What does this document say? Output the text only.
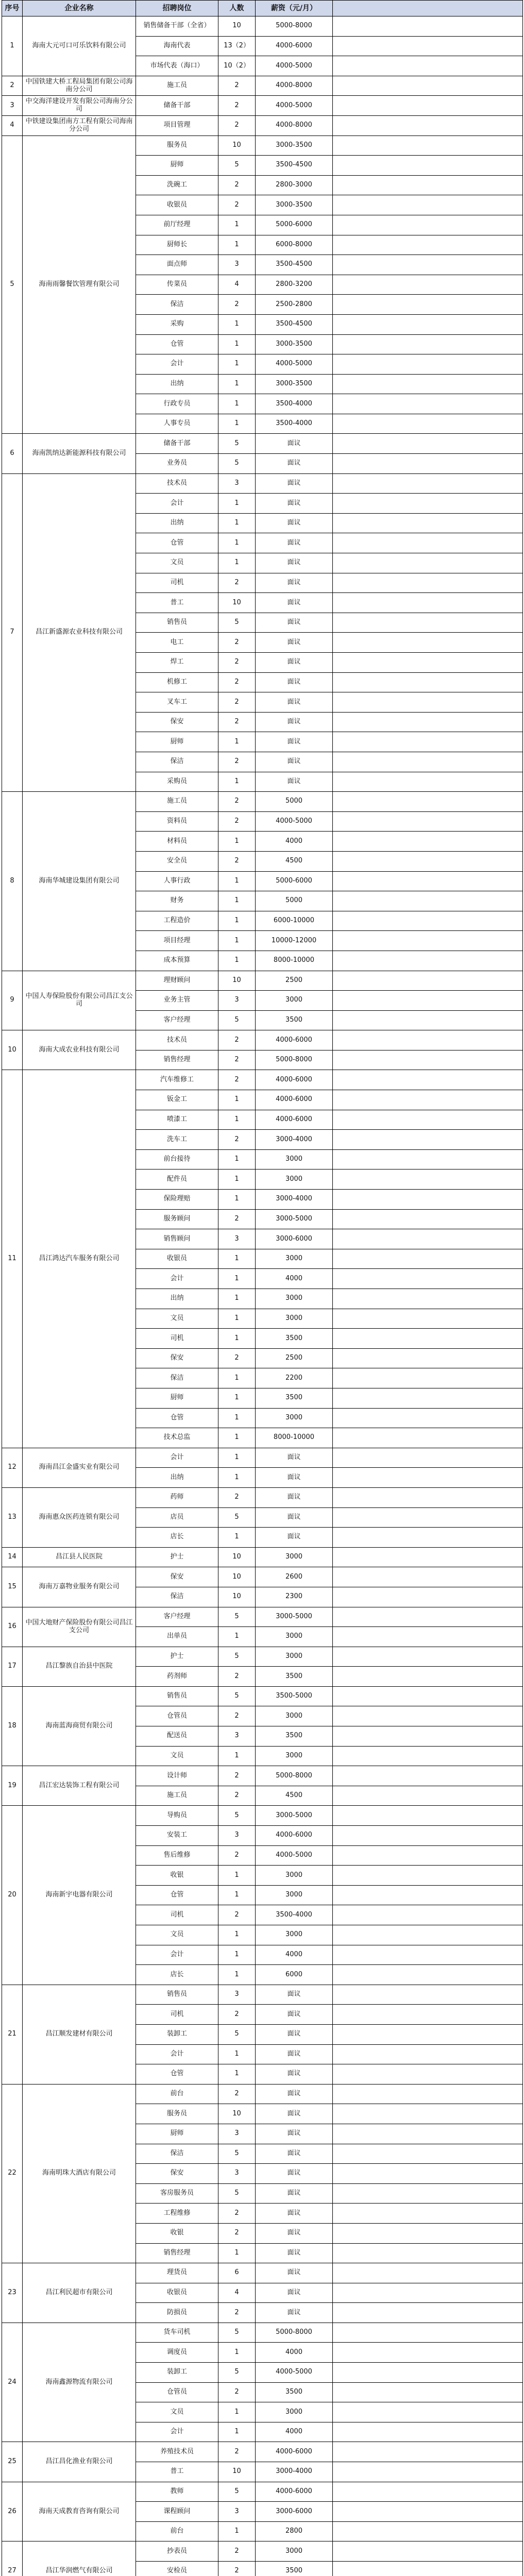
序号	企业名称	招聘岗位	人数	薪资（元/月）	
1	海南大元可口可乐饮料有限公司	销售储备干部（全省）	10	5000-8000	
		海南代表	13（2）	4000-6000	
		市场代表（海口）	10（2）	4000-5000	
2	中国铁建大桥工程局集团有限公司海南分公司	施工员	2	4000-8000	
3	中交海洋建设开发有限公司海南分公司	储备干部	2	4000-5000	
4	中铁建设集团南方工程有限公司海南分公司	项目管理	2	4000-8000	
5	海南雨馨餐饮管理有限公司	服务员	10	3000-3500	
		厨师	5	3500-4500	
		洗碗工	2	2800-3000	
		收银员	2	3000-3500	
		前厅经理	1	5000-6000	
		厨师长	1	6000-8000	
		面点师	3	3500-4500	
		传菜员	4	2800-3200	
		保洁	2	2500-2800	
		采购	1	3500-4500	
		仓管	1	3000-3500	
		会计	1	4000-5000	
		出纳	1	3000-3500	
		行政专员	1	3500-4000	
		人事专员	1	3500-4000	
6	海南凯纳达新能源科技有限公司	储备干部	5	面议	
		业务员	5	面议	
7	昌江新盛源农业科技有限公司	技术员	3	面议	
		会计	1	面议	
		出纳	1	面议	
		仓管	1	面议	
		文员	1	面议	
		司机	2	面议	
		普工	10	面议	
		销售员	5	面议	
		电工	2	面议	
		焊工	2	面议	
		机修工	2	面议	
		叉车工	2	面议	
		保安	2	面议	
		厨师	1	面议	
		保洁	2	面议	
		采购员	1	面议	
8	海南华城建设集团有限公司	施工员	2	5000	
		资料员	2	4000-5000	
		材料员	1	4000	
		安全员	2	4500	
		人事行政	1	5000-6000	
		财务	1	5000	
		工程造价	1	6000-10000	
		项目经理	1	10000-12000	
		成本预算	1	8000-10000	
9	中国人寿保险股份有限公司昌江支公司	理财顾问	10	2500	
		业务主管	3	3000	
		客户经理	5	3500	
10	海南大成农业科技有限公司	技术员	2	4000-6000	
		销售经理	2	5000-8000	
11	昌江鸿达汽车服务有限公司	汽车维修工	2	4000-6000	
		钣金工	1	4000-6000	
		喷漆工	1	4000-6000	
		洗车工	2	3000-4000	
		前台接待	1	3000	
		配件员	1	3000	
		保险理赔	1	3000-4000	
		服务顾问	2	3000-5000	
		销售顾问	3	3000-6000	
		收银员	1	3000	
		会计	1	4000	
		出纳	1	3000	
		文员	1	3000	
		司机	1	3500	
		保安	2	2500	
		保洁	1	2200	
		厨师	1	3500	
		仓管	1	3000	
		技术总监	1	8000-10000	
12	海南昌江金盛实业有限公司	会计	1	面议	
		出纳	1	面议	
13	海南惠众医药连锁有限公司	药师	2	面议	
		店员	5	面议	
		店长	1	面议	
14	昌江县人民医院	护士	10	3000	
15	海南万嘉物业服务有限公司	保安	10	2600	
		保洁	10	2300	
16	中国大地财产保险股份有限公司昌江支公司	客户经理	5	3000-5000	
		出单员	1	3000	
17	昌江黎族自治县中医院	护士	5	3000	
		药剂师	2	3500	
18	海南蓝海商贸有限公司	销售员	5	3500-5000	
		仓管员	2	3000	
		配送员	3	3500	
		文员	1	3000	
19	昌江宏达装饰工程有限公司	设计师	2	5000-8000	
		施工员	2	4500	
20	海南新宇电器有限公司	导购员	5	3000-5000	
		安装工	3	4000-6000	
		售后维修	2	4000-5000	
		收银	1	3000	
		仓管	1	3000	
		司机	2	3500-4000	
		文员	1	3000	
		会计	1	4000	
		店长	1	6000	
21	昌江顺发建材有限公司	销售员	3	面议	
		司机	2	面议	
		装卸工	5	面议	
		会计	1	面议	
		仓管	1	面议	
22	海南明珠大酒店有限公司	前台	2	面议	
		服务员	10	面议	
		厨师	3	面议	
		保洁	5	面议	
		保安	3	面议	
		客房服务员	5	面议	
		工程维修	2	面议	
		收银	2	面议	
		销售经理	1	面议	
23	昌江利民超市有限公司	理货员	6	面议	
		收银员	4	面议	
		防损员	2	面议	
24	海南鑫源物流有限公司	货车司机	5	5000-8000	
		调度员	1	4000	
		装卸工	5	4000-5000	
		仓管员	2	3500	
		文员	1	3000	
		会计	1	4000	
25	昌江昌化渔业有限公司	养殖技术员	2	4000-6000	
		普工	10	3000-4000	
26	海南天成教育咨询有限公司	教师	5	4000-6000	
		课程顾问	3	3000-6000	
		前台	1	2800	
27	昌江华润燃气有限公司	抄表员	2	3000	
		安检员	2	3500	
